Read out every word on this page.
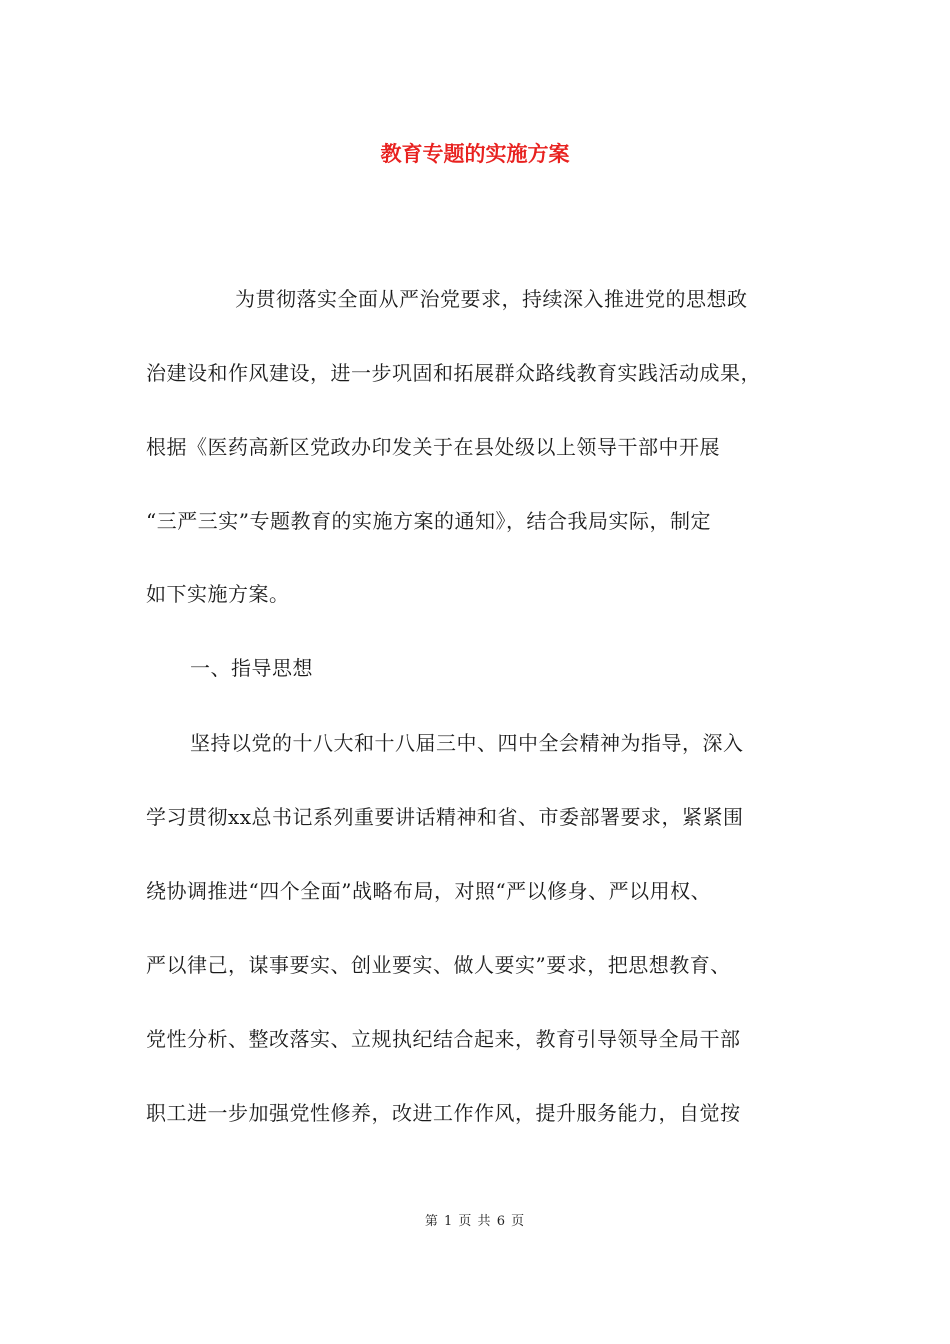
教育专题的实施方案
为贯彻落实全面从严治党要求，持续深入推进党的思想政
治建设和作风建设，进一步巩固和拓展群众路线教育实践活动成果，
根据《医药高新区党政办印发关于在县处级以上领导干部中开展
“三严三实”专题教育的实施方案的通知》，结合我局实际，制定
如下实施方案。
一、指导思想
坚持以党的十八大和十八届三中、四中全会精神为指导，深入
学习贯彻xx总书记系列重要讲话精神和省、市委部署要求，紧紧围
绕协调推进“四个全面”战略布局，对照“严以修身、严以用权、
严以律己，谋事要实、创业要实、做人要实”要求，把思想教育、
党性分析、整改落实、立规执纪结合起来，教育引导领导全局干部
职工进一步加强党性修养，改进工作作风，提升服务能力，自觉按
第 1 页 共 6 页
